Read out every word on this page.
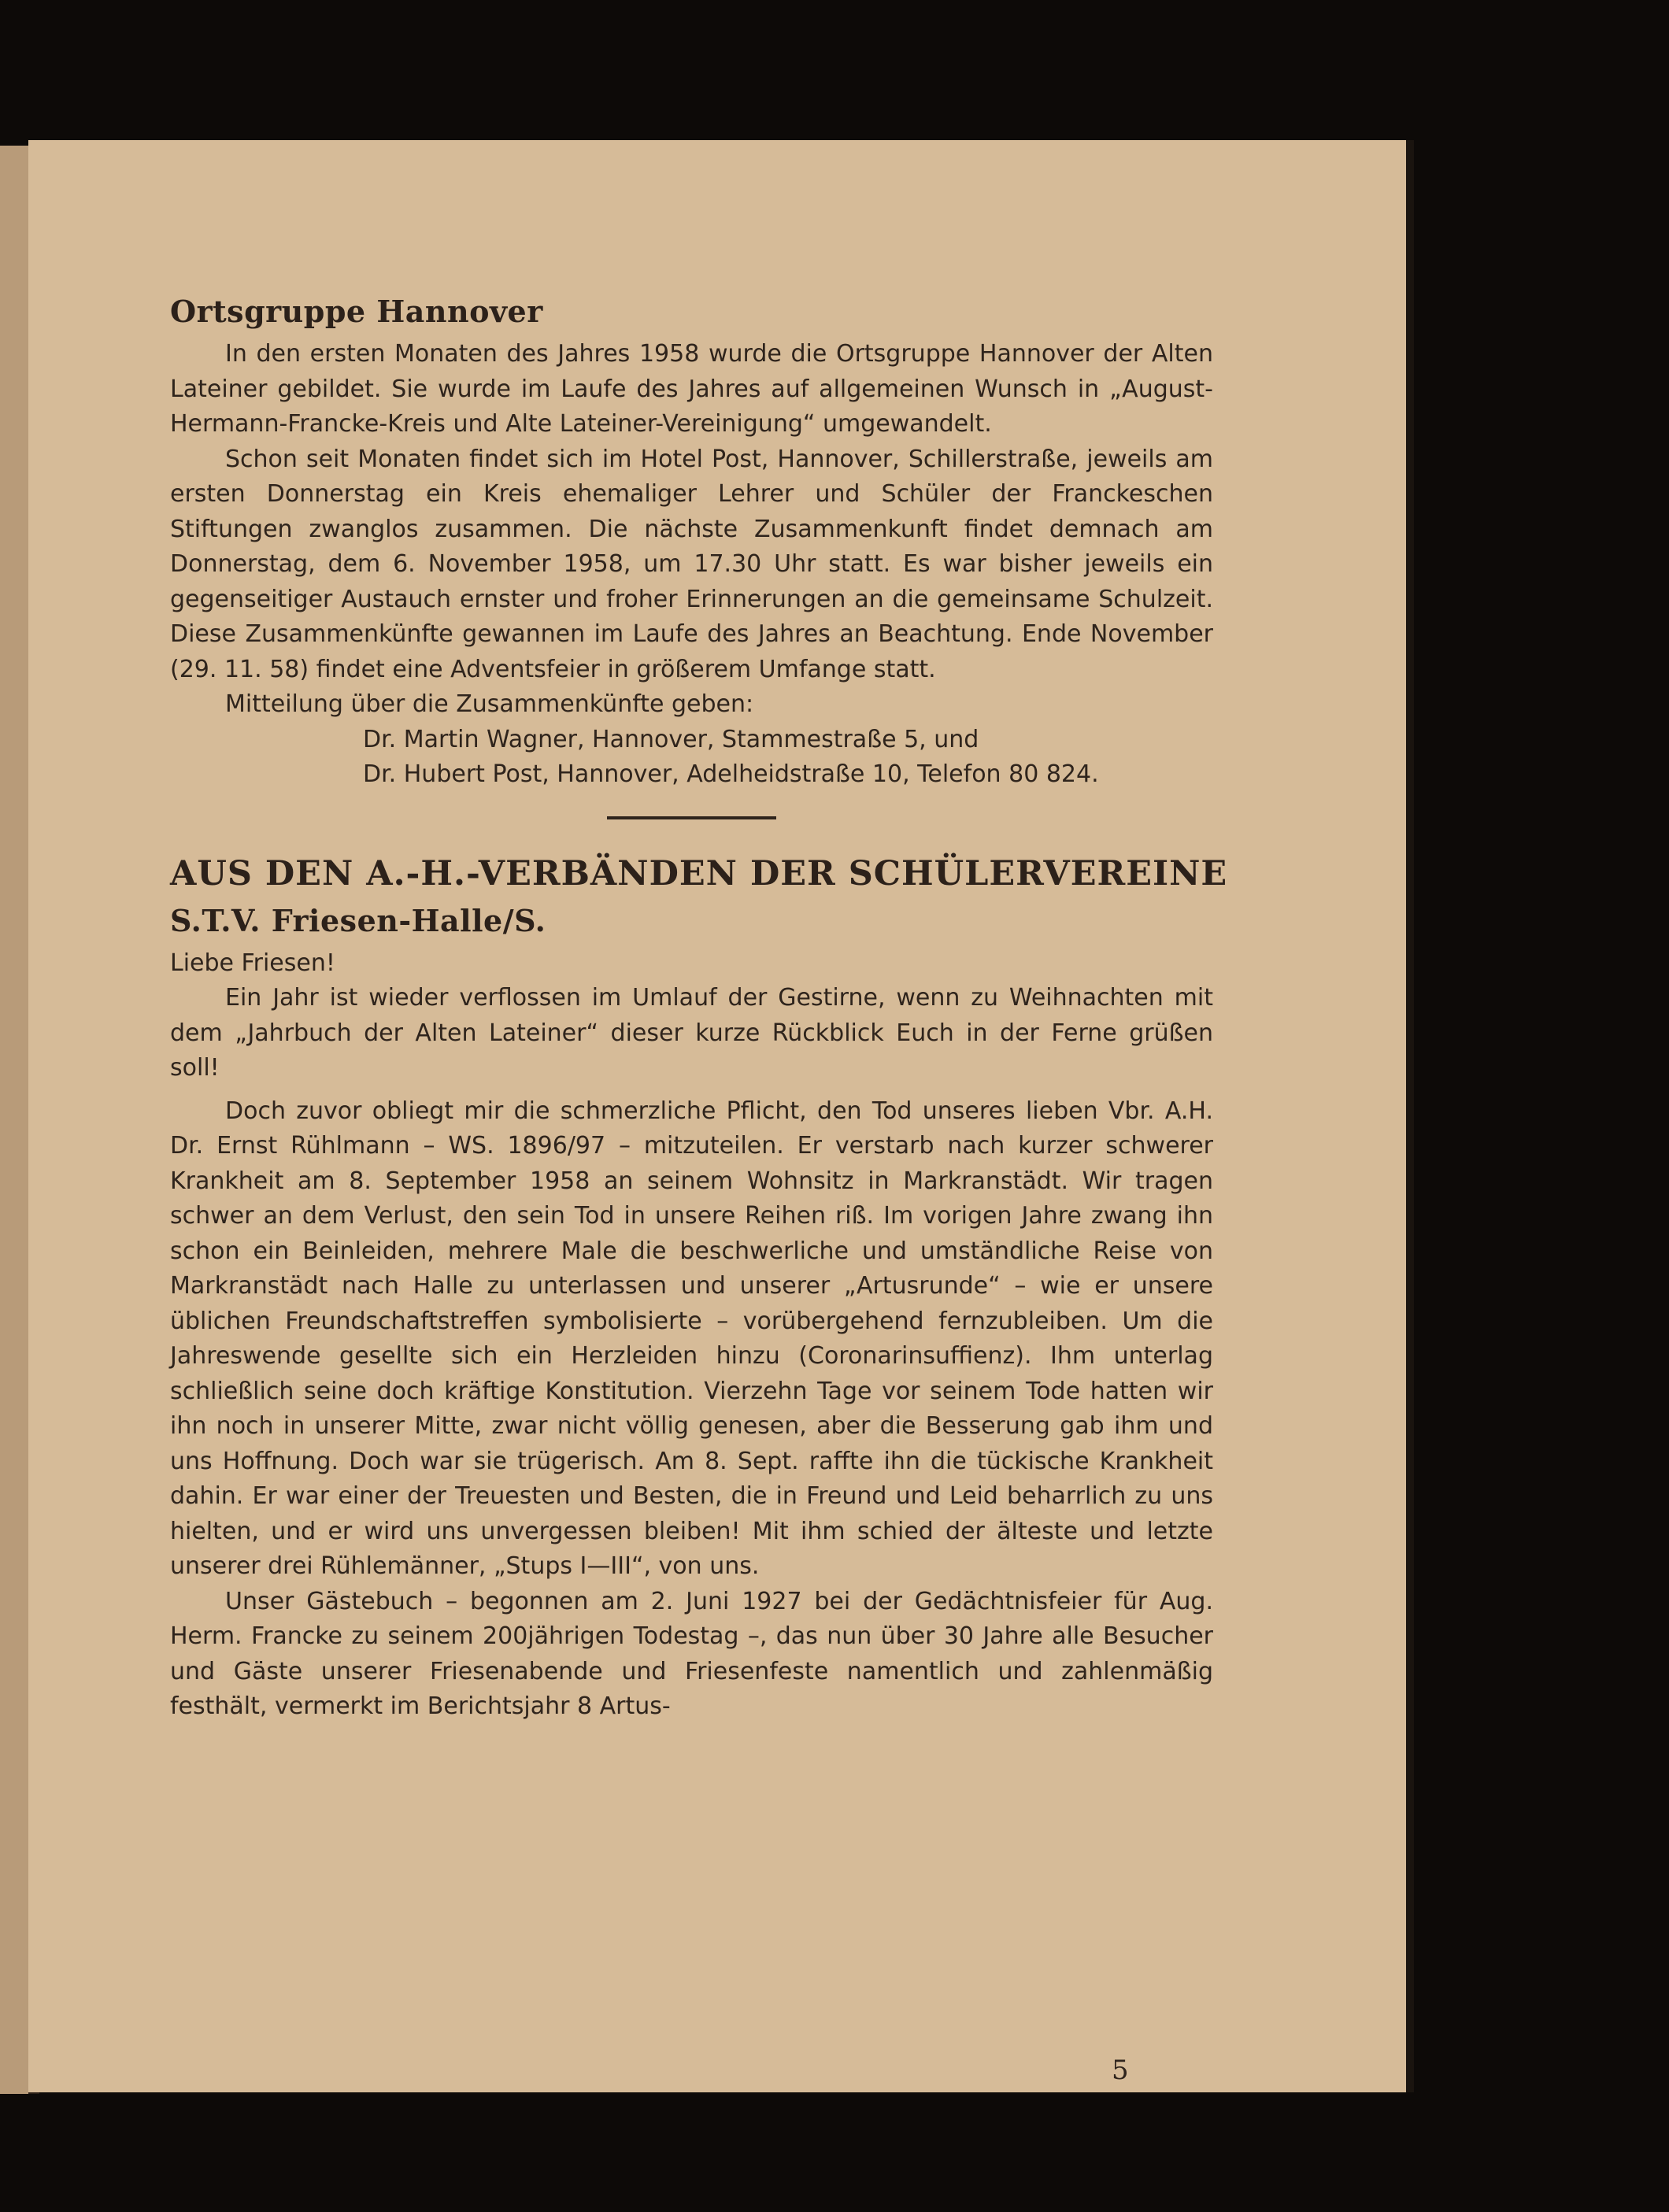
Ortsgruppe Hannover

In den ersten Monaten des Jahres 1958 wurde die Ortsgruppe Hannover der Alten Lateiner gebildet. Sie wurde im Laufe des Jahres auf allgemeinen Wunsch in „August-Hermann-Francke-Kreis und Alte Lateiner-Vereinigung“ umgewandelt.

Schon seit Monaten findet sich im Hotel Post, Hannover, Schillerstraße, jeweils am ersten Donnerstag ein Kreis ehemaliger Lehrer und Schüler der Franckeschen Stiftungen zwanglos zusammen. Die nächste Zusammenkunft findet demnach am Donnerstag, dem 6. November 1958, um 17.30 Uhr statt. Es war bisher jeweils ein gegenseitiger Austauch ernster und froher Erinnerungen an die gemeinsame Schulzeit. Diese Zusammenkünfte gewannen im Laufe des Jahres an Beachtung. Ende November (29. 11. 58) findet eine Adventsfeier in größerem Umfange statt.

Mitteilung über die Zusammenkünfte geben:

Dr. Martin Wagner, Hannover, Stammestraße 5, und
Dr. Hubert Post, Hannover, Adelheidstraße 10, Telefon 80 824.
AUS DEN A.-H.-VERBÄNDEN DER SCHÜLERVEREINE
S.T.V. Friesen-Halle/S.

Liebe Friesen!

Ein Jahr ist wieder verflossen im Umlauf der Gestirne, wenn zu Weihnachten mit dem „Jahrbuch der Alten Lateiner“ dieser kurze Rückblick Euch in der Ferne grüßen soll!

Doch zuvor obliegt mir die schmerzliche Pflicht, den Tod unseres lieben Vbr. A.H. Dr. Ernst Rühlmann – WS. 1896/97 – mitzuteilen. Er verstarb nach kurzer schwerer Krankheit am 8. September 1958 an seinem Wohnsitz in Markranstädt. Wir tragen schwer an dem Verlust, den sein Tod in unsere Reihen riß. Im vorigen Jahre zwang ihn schon ein Beinleiden, mehrere Male die beschwerliche und umständliche Reise von Markranstädt nach Halle zu unterlassen und unserer „Artusrunde“ – wie er unsere üblichen Freundschaftstreffen symbolisierte – vorübergehend fernzubleiben. Um die Jahreswende gesellte sich ein Herzleiden hinzu (Coronarinsuffienz). Ihm unterlag schließlich seine doch kräftige Konstitution. Vierzehn Tage vor seinem Tode hatten wir ihn noch in unserer Mitte, zwar nicht völlig genesen, aber die Besserung gab ihm und uns Hoffnung. Doch war sie trügerisch. Am 8. Sept. raffte ihn die tückische Krankheit dahin. Er war einer der Treuesten und Besten, die in Freund und Leid beharrlich zu uns hielten, und er wird uns unvergessen bleiben! Mit ihm schied der älteste und letzte unserer drei Rühlemänner, „Stups I—III“, von uns.

Unser Gästebuch – begonnen am 2. Juni 1927 bei der Gedächtnisfeier für Aug. Herm. Francke zu seinem 200jährigen Todestag –, das nun über 30 Jahre alle Besucher und Gäste unserer Friesenabende und Friesenfeste namentlich und zahlenmäßig festhält, vermerkt im Berichtsjahr 8 Artus-

5
